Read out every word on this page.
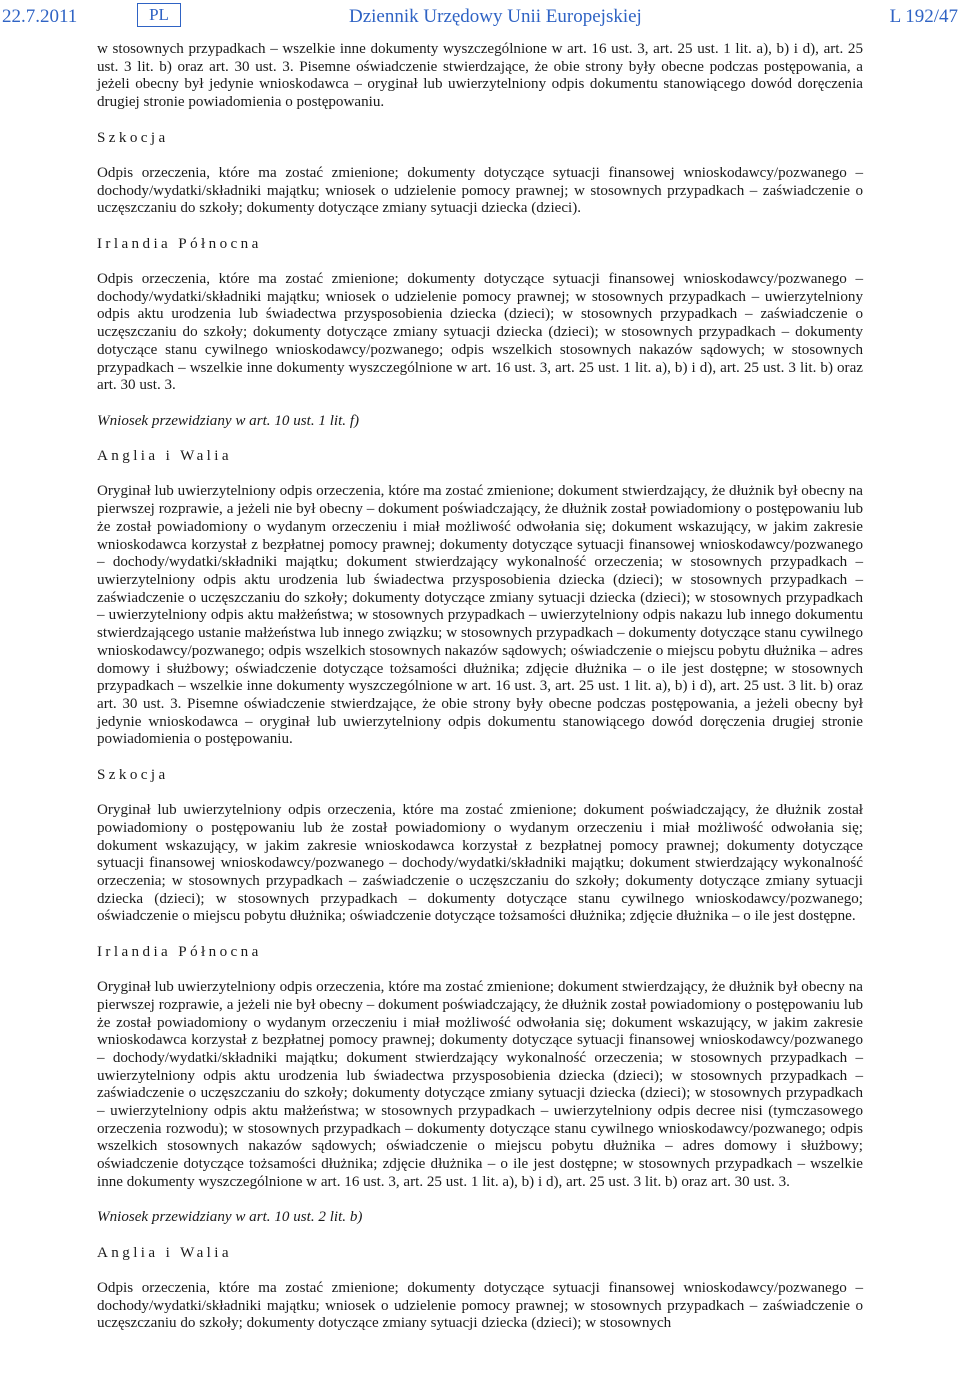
22.7.2011	PL	Dziennik Urzędowy Unii Europejskiej	L 192/47

w stosownych przypadkach – wszelkie inne dokumenty wyszczególnione w art. 16 ust. 3, art. 25 ust. 1 lit. a), b) i d), art. 25 ust. 3 lit. b) oraz art. 30 ust. 3. Pisemne oświadczenie stwierdzające, że obie strony były obecne podczas postępowania, a jeżeli obecny był jedynie wnioskodawca – oryginał lub uwierzytelniony odpis dokumentu stanowiącego dowód doręczenia drugiej stronie powiadomienia o postępowaniu.

Szkocja

Odpis orzeczenia, które ma zostać zmienione; dokumenty dotyczące sytuacji finansowej wnioskodawcy/pozwanego – dochody/wydatki/składniki majątku; wniosek o udzielenie pomocy prawnej; w stosownych przypadkach – zaświadczenie o uczęszczaniu do szkoły; dokumenty dotyczące zmiany sytuacji dziecka (dzieci).

Irlandia Północna

Odpis orzeczenia, które ma zostać zmienione; dokumenty dotyczące sytuacji finansowej wnioskodawcy/pozwanego – dochody/wydatki/składniki majątku; wniosek o udzielenie pomocy prawnej; w stosownych przypadkach – uwierzytelniony odpis aktu urodzenia lub świadectwa przysposobienia dziecka (dzieci); w stosownych przypadkach – zaświadczenie o uczęszczaniu do szkoły; dokumenty dotyczące zmiany sytuacji dziecka (dzieci); w stosownych przypadkach – dokumenty dotyczące stanu cywilnego wnioskodawcy/pozwanego; odpis wszelkich stosownych nakazów sądowych; w stosownych przypadkach – wszelkie inne dokumenty wyszczególnione w art. 16 ust. 3, art. 25 ust. 1 lit. a), b) i d), art. 25 ust. 3 lit. b) oraz art. 30 ust. 3.

Wniosek przewidziany w art. 10 ust. 1 lit. f)
Anglia i Walia

Oryginał lub uwierzytelniony odpis orzeczenia, które ma zostać zmienione; dokument stwierdzający, że dłużnik był obecny na pierwszej rozprawie, a jeżeli nie był obecny – dokument poświadczający, że dłużnik został powiadomiony o postępowaniu lub że został powiadomiony o wydanym orzeczeniu i miał możliwość odwołania się; dokument wskazujący, w jakim zakresie wnioskodawca korzystał z bezpłatnej pomocy prawnej; dokumenty dotyczące sytuacji finansowej wnioskodawcy/pozwanego – dochody/wydatki/składniki majątku; dokument stwierdzający wykonalność orzeczenia; w stosownych przypadkach – uwierzytelniony odpis aktu urodzenia lub świadectwa przysposobienia dziecka (dzieci); w stosownych przypadkach – zaświadczenie o uczęszczaniu do szkoły; dokumenty dotyczące zmiany sytuacji dziecka (dzieci); w stosownych przypadkach – uwierzytelniony odpis aktu małżeństwa; w stosownych przypadkach – uwierzytelniony odpis nakazu lub innego dokumentu stwierdzającego ustanie małżeństwa lub innego związku; w stosownych przypadkach – dokumenty dotyczące stanu cywilnego wnioskodawcy/pozwanego; odpis wszelkich stosownych nakazów sądowych; oświadczenie o miejscu pobytu dłużnika – adres domowy i służbowy; oświadczenie dotyczące tożsamości dłużnika; zdjęcie dłużnika – o ile jest dostępne; w stosownych przypadkach – wszelkie inne dokumenty wyszczególnione w art. 16 ust. 3, art. 25 ust. 1 lit. a), b) i d), art. 25 ust. 3 lit. b) oraz art. 30 ust. 3. Pisemne oświadczenie stwierdzające, że obie strony były obecne podczas postępowania, a jeżeli obecny był jedynie wnioskodawca – oryginał lub uwierzytelniony odpis dokumentu stanowiącego dowód doręczenia drugiej stronie powiadomienia o postępowaniu.

Szkocja

Oryginał lub uwierzytelniony odpis orzeczenia, które ma zostać zmienione; dokument poświadczający, że dłużnik został powiadomiony o postępowaniu lub że został powiadomiony o wydanym orzeczeniu i miał możliwość odwołania się; dokument wskazujący, w jakim zakresie wnioskodawca korzystał z bezpłatnej pomocy prawnej; dokumenty dotyczące sytuacji finansowej wnioskodawcy/pozwanego – dochody/wydatki/składniki majątku; dokument stwierdzający wykonalność orzeczenia; w stosownych przypadkach – zaświadczenie o uczęszczaniu do szkoły; dokumenty dotyczące zmiany sytuacji dziecka (dzieci); w stosownych przypadkach – dokumenty dotyczące stanu cywilnego wnioskodawcy/pozwanego; oświadczenie o miejscu pobytu dłużnika; oświadczenie dotyczące tożsamości dłużnika; zdjęcie dłużnika – o ile jest dostępne.

Irlandia Północna

Oryginał lub uwierzytelniony odpis orzeczenia, które ma zostać zmienione; dokument stwierdzający, że dłużnik był obecny na pierwszej rozprawie, a jeżeli nie był obecny – dokument poświadczający, że dłużnik został powiadomiony o postępowaniu lub że został powiadomiony o wydanym orzeczeniu i miał możliwość odwołania się; dokument wskazujący, w jakim zakresie wnioskodawca korzystał z bezpłatnej pomocy prawnej; dokumenty dotyczące sytuacji finansowej wnioskodawcy/pozwanego – dochody/wydatki/składniki majątku; dokument stwierdzający wykonalność orzeczenia; w stosownych przypadkach – uwierzytelniony odpis aktu urodzenia lub świadectwa przysposobienia dziecka (dzieci); w stosownych przypadkach – zaświadczenie o uczęszczaniu do szkoły; dokumenty dotyczące zmiany sytuacji dziecka (dzieci); w stosownych przypadkach – uwierzytelniony odpis aktu małżeństwa; w stosownych przypadkach – uwierzytelniony odpis decree nisi (tymczasowego orzeczenia rozwodu); w stosownych przypadkach – dokumenty dotyczące stanu cywilnego wnioskodawcy/pozwanego; odpis wszelkich stosownych nakazów sądowych; oświadczenie o miejscu pobytu dłużnika – adres domowy i służbowy; oświadczenie dotyczące tożsamości dłużnika; zdjęcie dłużnika – o ile jest dostępne; w stosownych przypadkach – wszelkie inne dokumenty wyszczególnione w art. 16 ust. 3, art. 25 ust. 1 lit. a), b) i d), art. 25 ust. 3 lit. b) oraz art. 30 ust. 3.

Wniosek przewidziany w art. 10 ust. 2 lit. b)
Anglia i Walia

Odpis orzeczenia, które ma zostać zmienione; dokumenty dotyczące sytuacji finansowej wnioskodawcy/pozwanego – dochody/wydatki/składniki majątku; wniosek o udzielenie pomocy prawnej; w stosownych przypadkach – zaświadczenie o uczęszczaniu do szkoły; dokumenty dotyczące zmiany sytuacji dziecka (dzieci); w stosownych
